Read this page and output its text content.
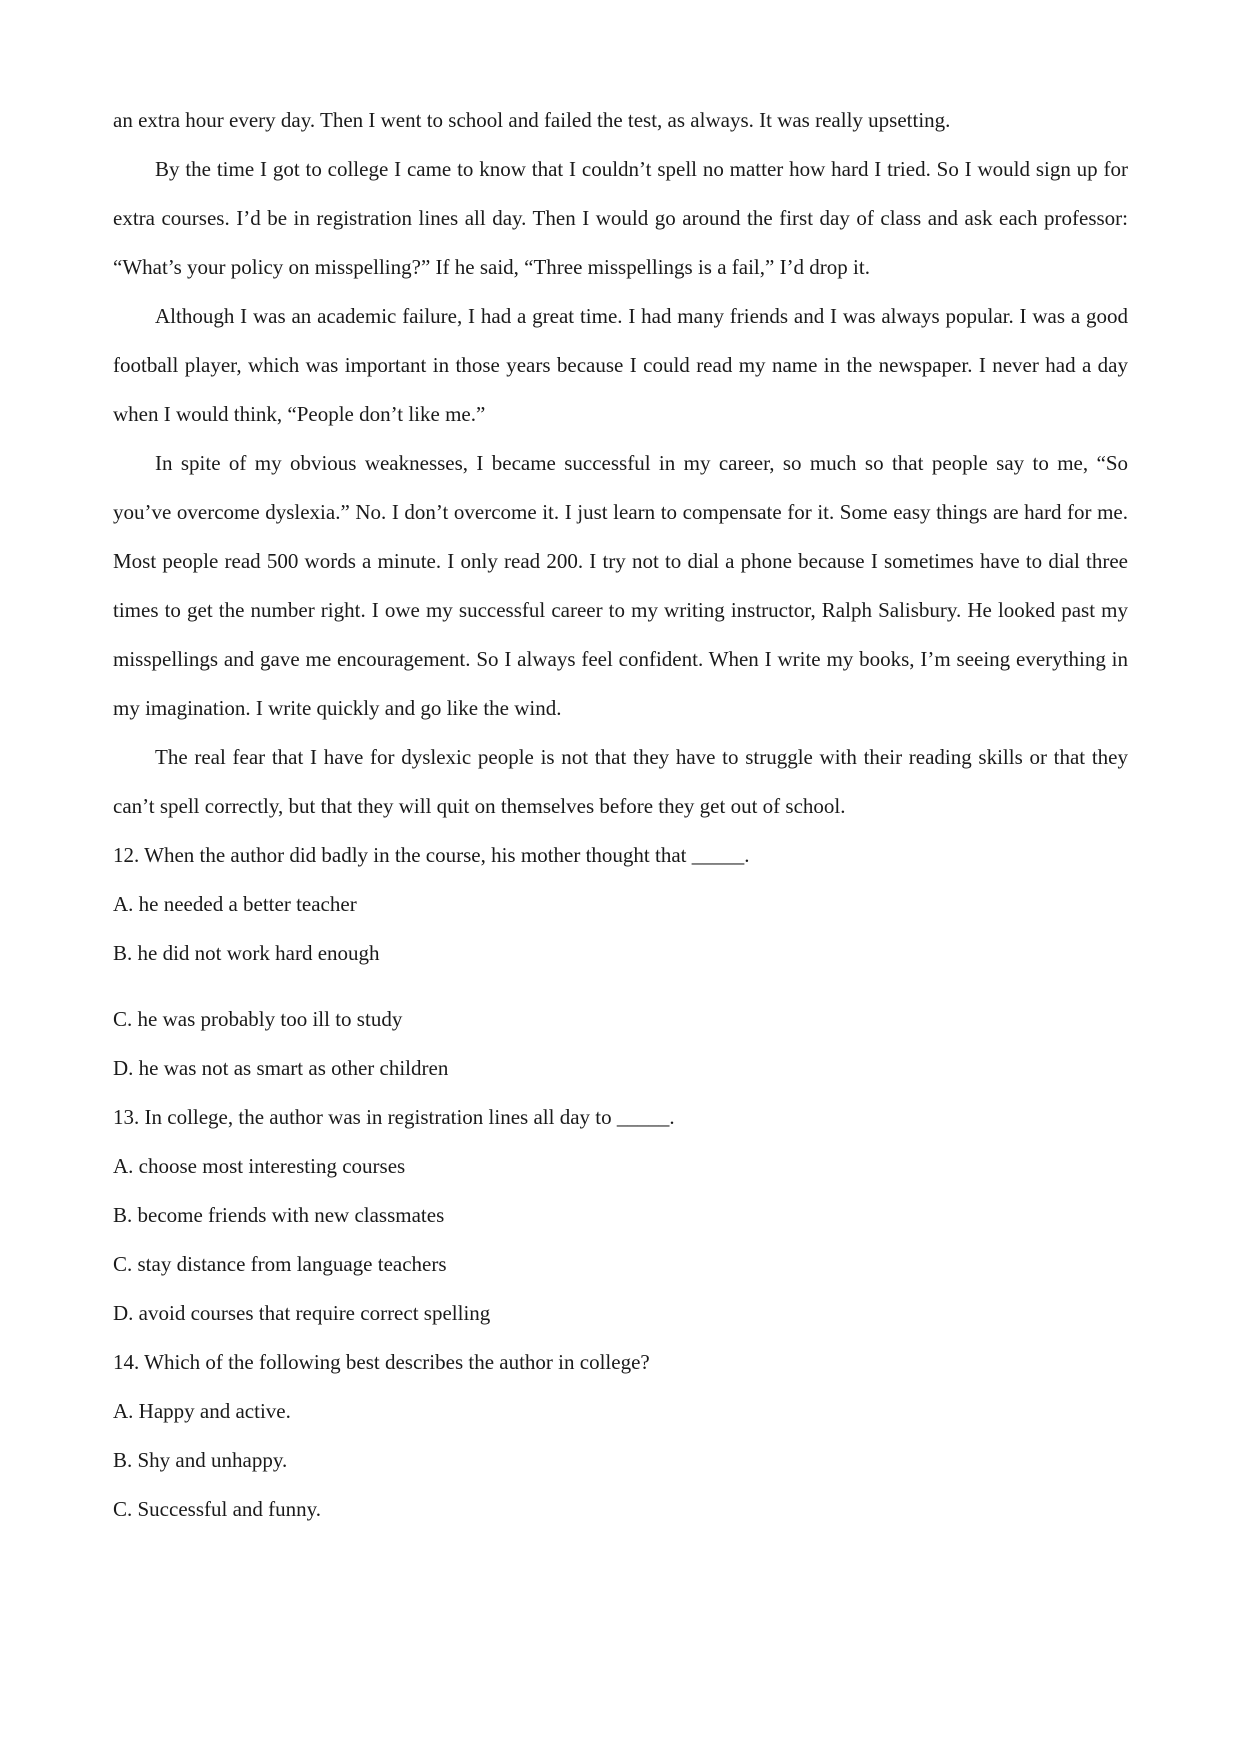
an extra hour every day. Then I went to school and failed the test, as always. It was really upsetting.

By the time I got to college I came to know that I couldn’t spell no matter how hard I tried. So I would sign up for extra courses. I’d be in registration lines all day. Then I would go around the first day of class and ask each professor: “What’s your policy on misspelling?” If he said, “Three misspellings is a fail,” I’d drop it.

Although I was an academic failure, I had a great time. I had many friends and I was always popular. I was a good football player, which was important in those years because I could read my name in the newspaper. I never had a day when I would think, “People don’t like me.”

In spite of my obvious weaknesses, I became successful in my career, so much so that people say to me, “So you’ve overcome dyslexia.” No. I don’t overcome it. I just learn to compensate for it. Some easy things are hard for me. Most people read 500 words a minute. I only read 200. I try not to dial a phone because I sometimes have to dial three times to get the number right. I owe my successful career to my writing instructor, Ralph Salisbury. He looked past my misspellings and gave me encouragement. So I always feel confident. When I write my books, I’m seeing everything in my imagination. I write quickly and go like the wind.

The real fear that I have for dyslexic people is not that they have to struggle with their reading skills or that they can’t spell correctly, but that they will quit on themselves before they get out of school.

12. When the author did badly in the course, his mother thought that _____.
A. he needed a better teacher
B. he did not work hard enough
C. he was probably too ill to study
D. he was not as smart as other children
13. In college, the author was in registration lines all day to _____.
A. choose most interesting courses
B. become friends with new classmates
C. stay distance from language teachers
D. avoid courses that require correct spelling
14. Which of the following best describes the author in college?
A. Happy and active.
B. Shy and unhappy.
C. Successful and funny.
